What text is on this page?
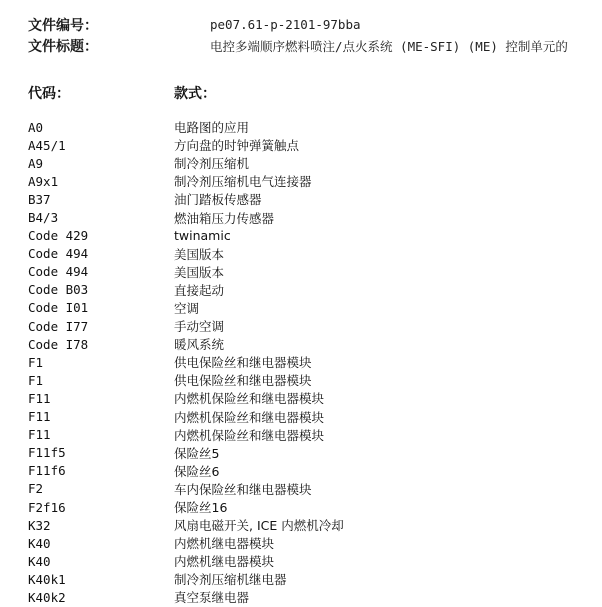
文件编号：	pe07.61-p-2101-97bba
文件标题：	电控多端顺序燃料喷注/点火系统 (ME-SFI) (ME) 控制单元的
代码：	款式：
A0	电路图的应用
A45/1	方向盘的时钟弹簧触点
A9	制冷剂压缩机
A9x1	制冷剂压缩机电气连接器
B37	油门踏板传感器
B4/3	燃油箱压力传感器
Code 429	twinamic
Code 494	美国版本
Code 494	美国版本
Code B03	直接起动
Code I01	空调
Code I77	手动空调
Code I78	暖风系统
F1	供电保险丝和继电器模块
F1	供电保险丝和继电器模块
F11	内燃机保险丝和继电器模块
F11	内燃机保险丝和继电器模块
F11	内燃机保险丝和继电器模块
F11f5	保险丝5
F11f6	保险丝6
F2	车内保险丝和继电器模块
F2f16	保险丝16
K32	风扇电磁开关, ICE 内燃机冷却
K40	内燃机继电器模块
K40	内燃机继电器模块
K40k1	制冷剂压缩机继电器
K40k2	真空泵继电器
